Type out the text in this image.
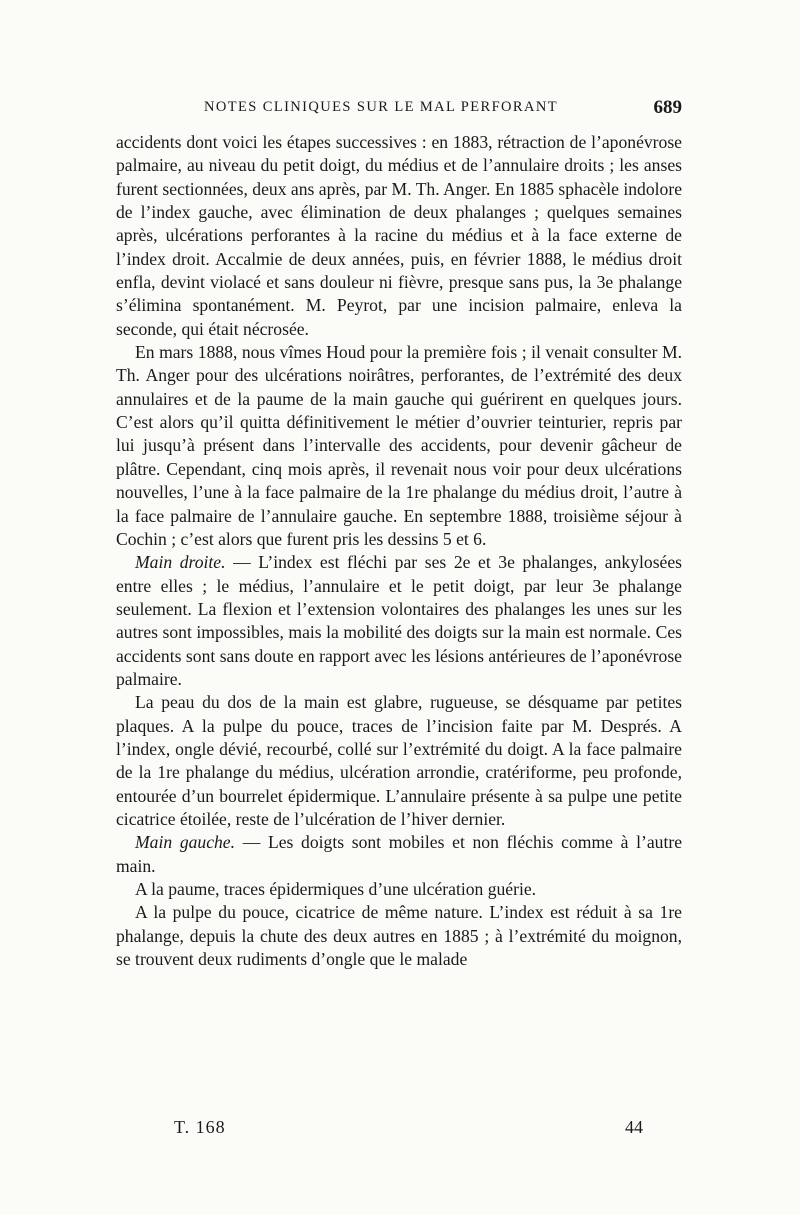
NOTES CLINIQUES SUR LE MAL PERFORANT	689

accidents dont voici les étapes successives : en 1883, rétraction de l’aponévrose palmaire, au niveau du petit doigt, du médius et de l’annulaire droits ; les anses furent sectionnées, deux ans après, par M. Th. Anger. En 1885 sphacèle indolore de l’index gauche, avec élimination de deux phalanges ; quelques semaines après, ulcérations perforantes à la racine du médius et à la face externe de l’index droit. Accalmie de deux années, puis, en février 1888, le médius droit enfla, devint violacé et sans douleur ni fièvre, presque sans pus, la 3e phalange s’élimina spontanément. M. Peyrot, par une incision palmaire, enleva la seconde, qui était nécrosée.

En mars 1888, nous vîmes Houd pour la première fois ; il venait consulter M. Th. Anger pour des ulcérations noirâtres, perforantes, de l’extrémité des deux annulaires et de la paume de la main gauche qui guérirent en quelques jours. C’est alors qu’il quitta définitivement le métier d’ouvrier teinturier, repris par lui jusqu’à présent dans l’intervalle des accidents, pour devenir gâcheur de plâtre. Cependant, cinq mois après, il revenait nous voir pour deux ulcérations nouvelles, l’une à la face palmaire de la 1re phalange du médius droit, l’autre à la face palmaire de l’annulaire gauche. En septembre 1888, troisième séjour à Cochin ; c’est alors que furent pris les dessins 5 et 6.

Main droite. — L’index est fléchi par ses 2e et 3e phalanges, ankylosées entre elles ; le médius, l’annulaire et le petit doigt, par leur 3e phalange seulement. La flexion et l’extension volontaires des phalanges les unes sur les autres sont impossibles, mais la mobilité des doigts sur la main est normale. Ces accidents sont sans doute en rapport avec les lésions antérieures de l’aponévrose palmaire.

La peau du dos de la main est glabre, rugueuse, se désquame par petites plaques. A la pulpe du pouce, traces de l’incision faite par M. Després. A l’index, ongle dévié, recourbé, collé sur l’extrémité du doigt. A la face palmaire de la 1re phalange du médius, ulcération arrondie, cratériforme, peu profonde, entourée d’un bourrelet épidermique. L’annulaire présente à sa pulpe une petite cicatrice étoilée, reste de l’ulcération de l’hiver dernier.

Main gauche. — Les doigts sont mobiles et non fléchis comme à l’autre main.

A la paume, traces épidermiques d’une ulcération guérie.

A la pulpe du pouce, cicatrice de même nature. L’index est réduit à sa 1re phalange, depuis la chute des deux autres en 1885 ; à l’extrémité du moignon, se trouvent deux rudiments d’ongle que le malade

T. 168	44
